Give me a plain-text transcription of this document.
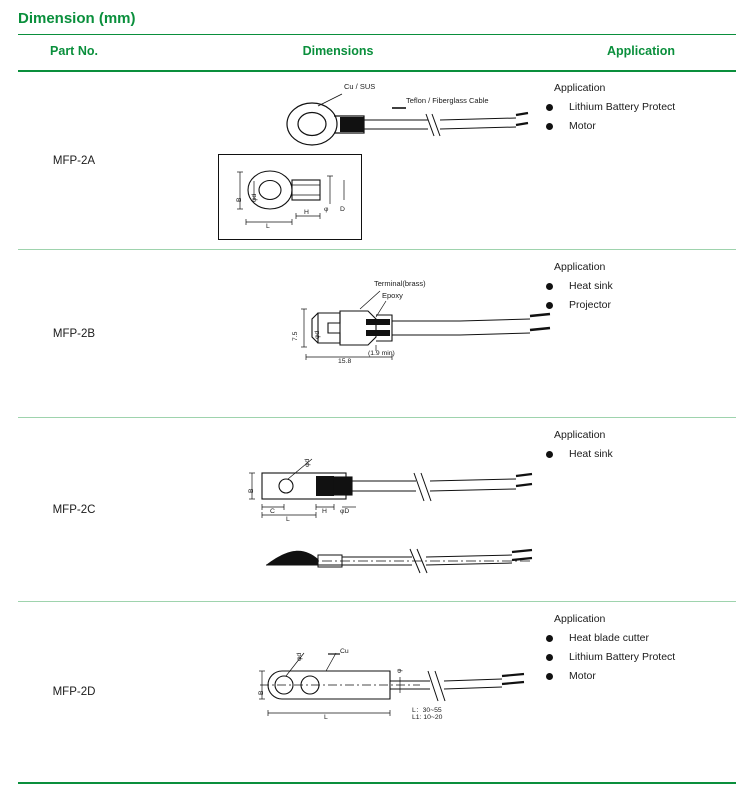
Dimension (mm)
Part No.	Dimensions	Application
MFP-2A
Cu / SUS
Teflon / Fiberglass Cable
B φd
L
H φ D
Application
Lithium Battery Protect
Motor
MFP-2B
Terminal(brass)
Epoxy
7.5 φd
(1.9 min)
15.8
Application
Heat sink
Projector
MFP-2C
φd
B
C
L
H φD
Application
Heat sink
MFP-2D
φd
Cu
φ
B
L
L：30~55
L1: 10~20
Application
Heat blade cutter
Lithium Battery Protect
Motor
